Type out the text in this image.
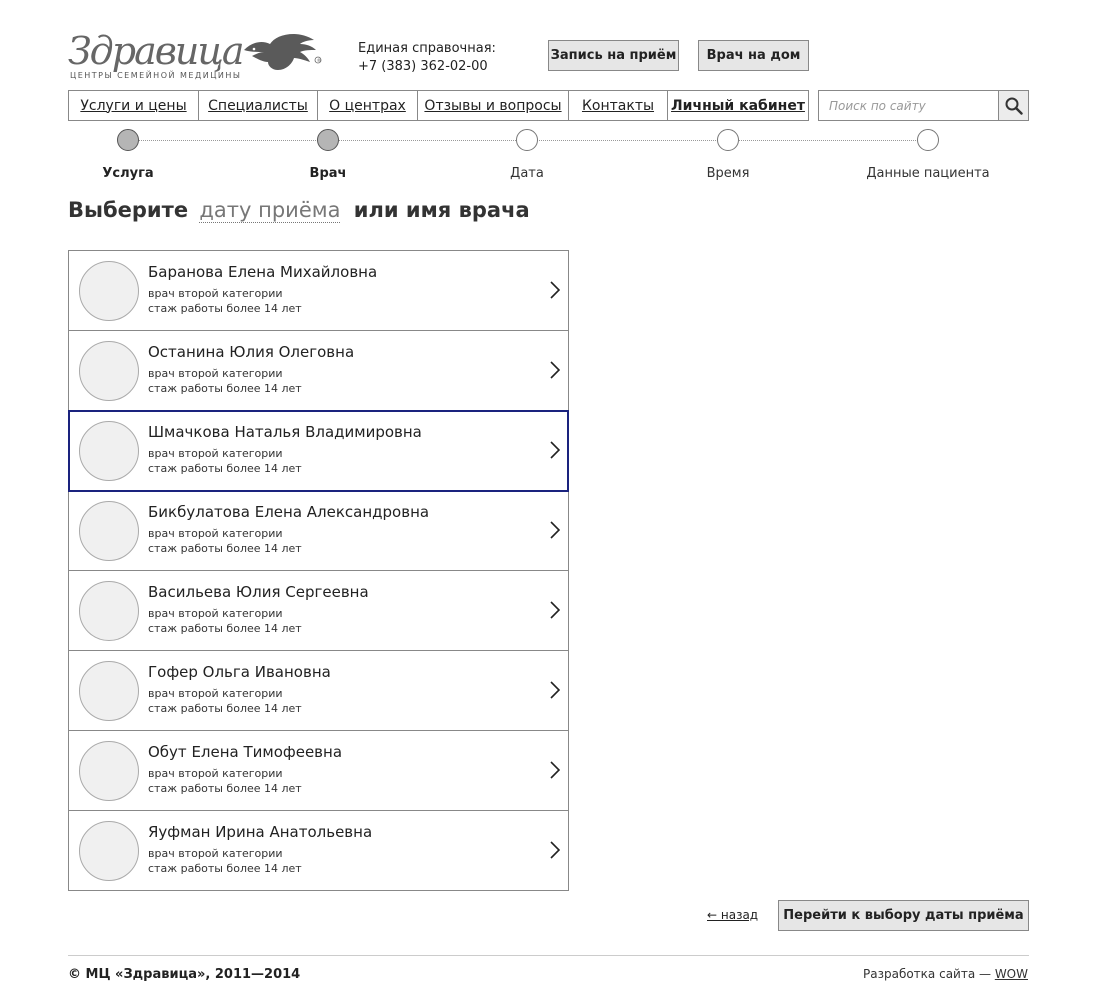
Здравица	®
ЦЕНТРЫ СЕМЕЙНОЙ МЕДИЦИНЫ
Единая справочная:
+7 (383) 362-02-00
Запись на приём	Врач на дом
Услуги и цены Специалисты О центрах Отзывы и вопросы Контакты Личный кабинет
Поиск по сайту
Услуга	Врач	Дата	Время	Данные пациента
Выберите дату приёма или имя врача
Баранова Елена Михайловна
врач второй категории
стаж работы более 14 лет
Останина Юлия Олеговна
врач второй категории
стаж работы более 14 лет
Шмачкова Наталья Владимировна
врач второй категории
стаж работы более 14 лет
Бикбулатова Елена Александровна
врач второй категории
стаж работы более 14 лет
Васильева Юлия Сергеевна
врач второй категории
стаж работы более 14 лет
Гофер Ольга Ивановна
врач второй категории
стаж работы более 14 лет
Обут Елена Тимофеевна
врач второй категории
стаж работы более 14 лет
Яуфман Ирина Анатольевна
врач второй категории
стаж работы более 14 лет
← назад	Перейти к выбору даты приёма
© МЦ «Здравица», 2011—2014	Разработка сайта — WOW
